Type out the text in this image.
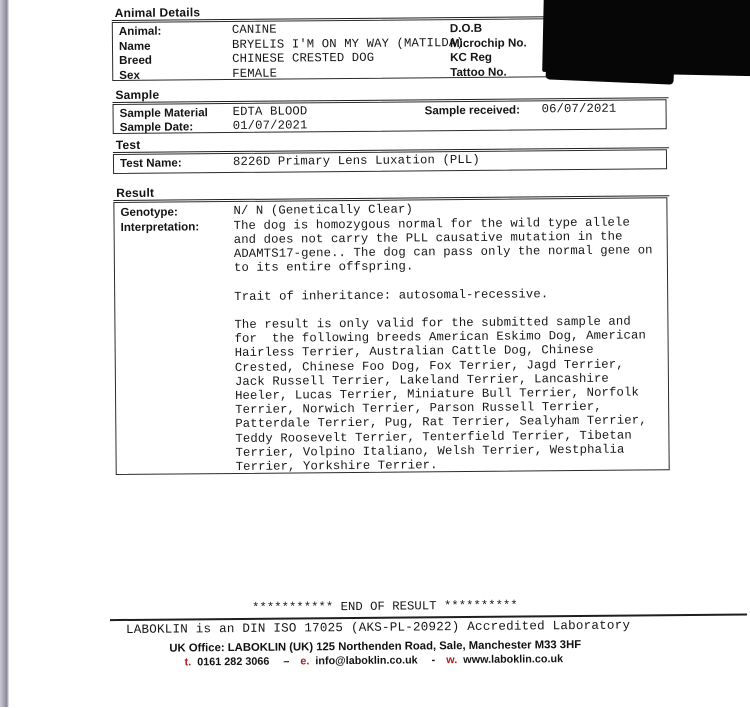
Animal Details
Animal:	CANINE
Name	BRYELIS I'M ON MY WAY (MATILDA)
Breed	CHINESE CRESTED DOG
Sex	FEMALE
D.O.B
Microchip No.
KC Reg
Tattoo No.
Sample
Sample Material EDTA BLOOD
Sample Date:	01/07/2021
Sample received: 06/07/2021
Test
Test Name:	8226D Primary Lens Luxation (PLL)
Result
Genotype:	N/ N (Genetically Clear)
Interpretation:	The dog is homozygous normal for the wild type allele
and does not carry the PLL causative mutation in the
ADAMTS17-gene.. The dog can pass only the normal gene on
to its entire offspring.

Trait of inheritance: autosomal-recessive.

The result is only valid for the submitted sample and
for  the following breeds American Eskimo Dog, American
Hairless Terrier, Australian Cattle Dog, Chinese
Crested, Chinese Foo Dog, Fox Terrier, Jagd Terrier,
Jack Russell Terrier, Lakeland Terrier, Lancashire
Heeler, Lucas Terrier, Miniature Bull Terrier, Norfolk
Terrier, Norwich Terrier, Parson Russell Terrier,
Patterdale Terrier, Pug, Rat Terrier, Sealyham Terrier,
Teddy Roosevelt Terrier, Tenterfield Terrier, Tibetan
Terrier, Volpino Italiano, Welsh Terrier, Westphalia
Terrier, Yorkshire Terrier.
*********** END OF RESULT **********
LABOKLIN is an DIN ISO 17025 (AKS-PL-20922) Accredited Laboratory
UK Office: LABOKLIN (UK) 125 Northenden Road, Sale, Manchester M33 3HF
t. 0161 282 3066 – e. info@laboklin.co.uk - w. www.laboklin.co.uk
